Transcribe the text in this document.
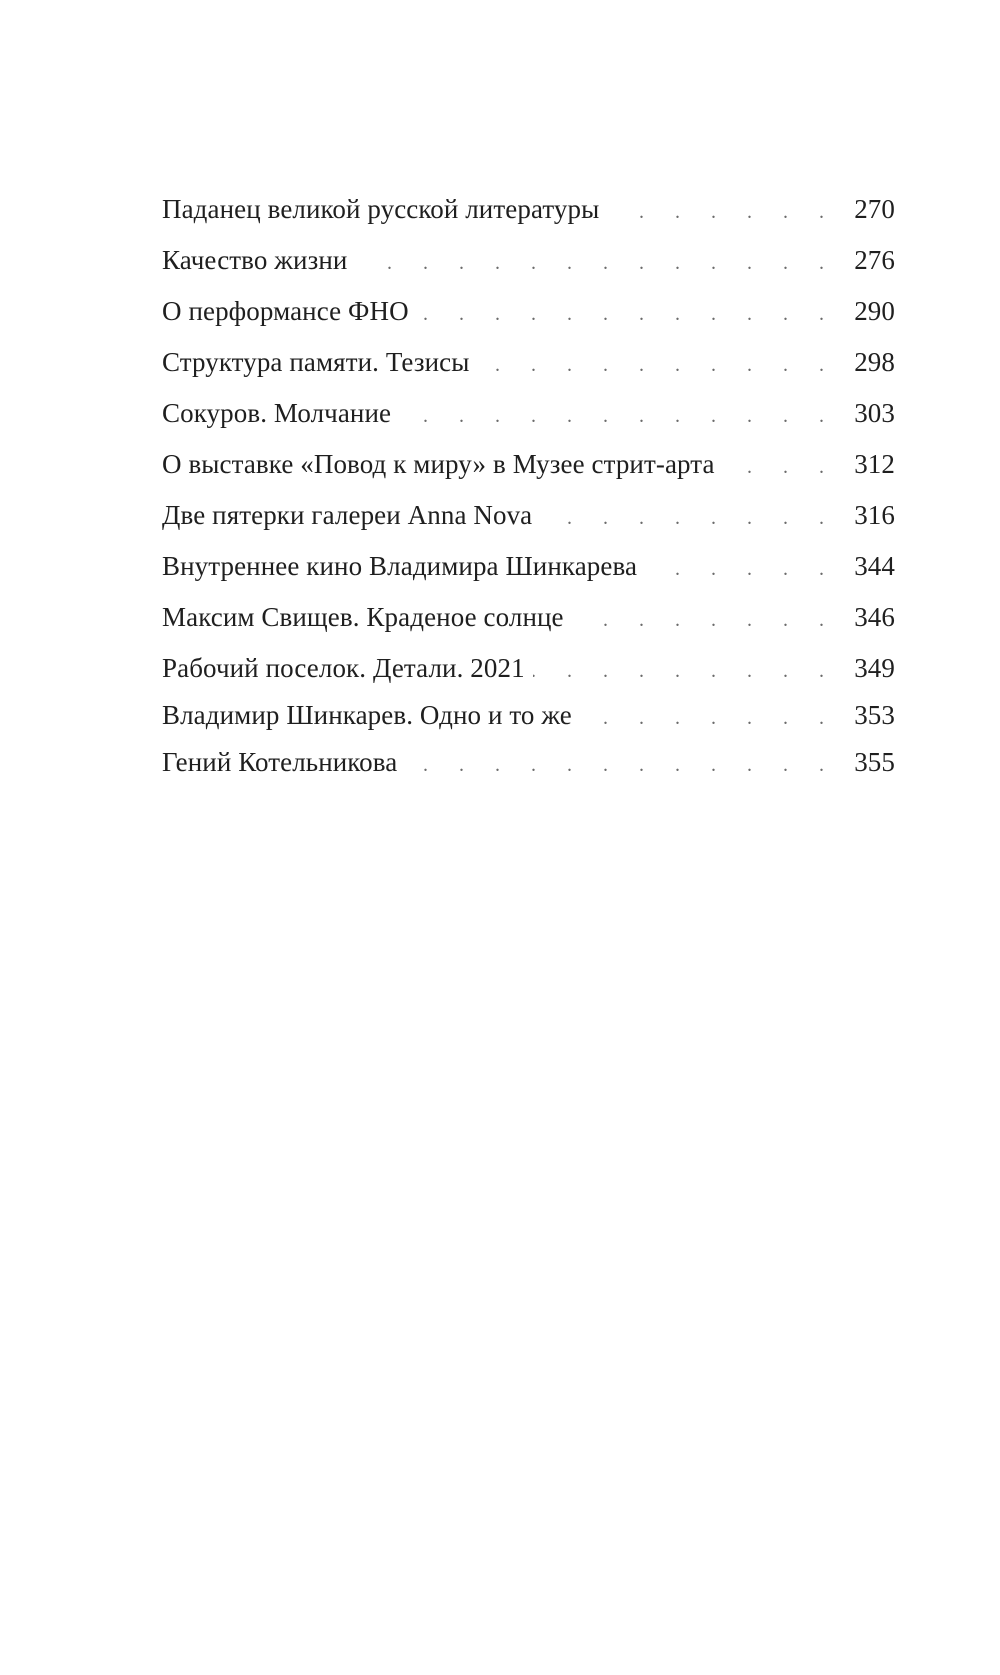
Паданец великой русской литературы . . .	270
Качество жизни . . .	276
О перформансе ФНО . . .	290
Структура памяти. Тезисы . . .	298
Сокуров. Молчание . . .	303
О выставке «Повод к миру» в Музее стрит-арта . . .	312
Две пятерки галереи Anna Nova . . .	316
Внутреннее кино Владимира Шинкарева . . .	344
Максим Свищев. Краденое солнце . . .	346
Рабочий поселок. Детали. 2021 . . .	349
Владимир Шинкарев. Одно и то же . . .	353
Гений Котельникова . . .	355
